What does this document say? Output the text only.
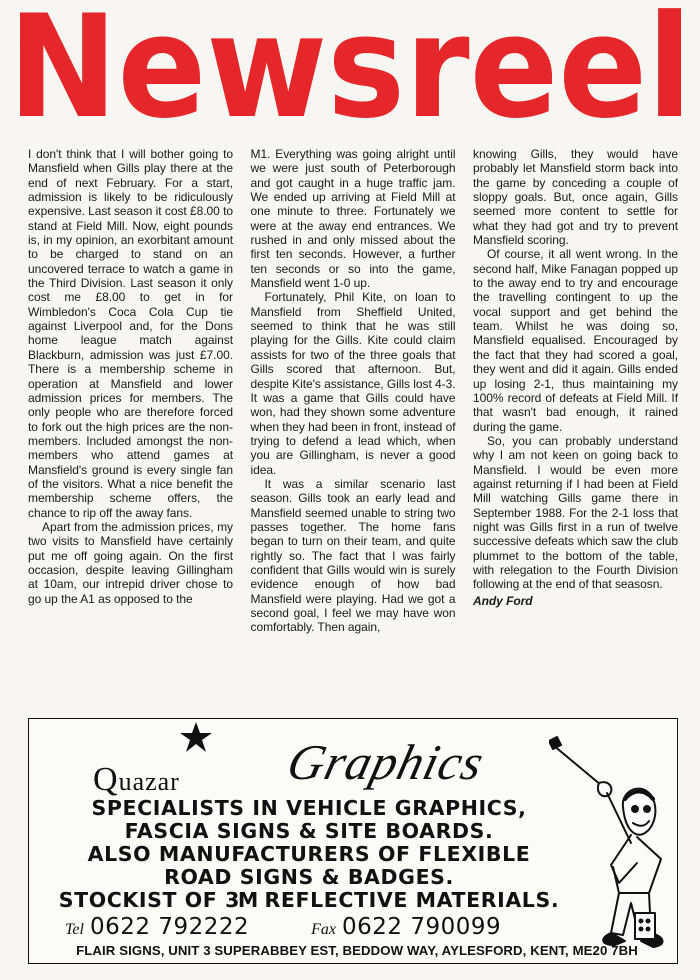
Newsreel

I don't think that I will bother going to Mansfield when Gills play there at the end of next February. For a start, admission is likely to be ridiculously expensive. Last season it cost £8.00 to stand at Field Mill. Now, eight pounds is, in my opinion, an exorbitant amount to be charged to stand on an uncovered terrace to watch a game in the Third Division. Last season it only cost me £8.00 to get in for Wimbledon's Coca Cola Cup tie against Liverpool and, for the Dons home league match against Blackburn, admission was just £7.00. There is a membership scheme in operation at Mansfield and lower admission prices for members. The only people who are therefore forced to fork out the high prices are the non-members. Included amongst the non-members who attend games at Mansfield's ground is every single fan of the visitors. What a nice benefit the membership scheme offers, the chance to rip off the away fans.

Apart from the admission prices, my two visits to Mansfield have certainly put me off going again. On the first occasion, despite leaving Gillingham at 10am, our intrepid driver chose to go up the A1 as opposed to the

M1. Everything was going alright until we were just south of Peterborough and got caught in a huge traffic jam. We ended up arriving at Field Mill at one minute to three. Fortunately we were at the away end entrances. We rushed in and only missed about the first ten seconds. However, a further ten seconds or so into the game, Mansfield went 1-0 up.

Fortunately, Phil Kite, on loan to Mansfield from Sheffield United, seemed to think that he was still playing for the Gills. Kite could claim assists for two of the three goals that Gills scored that afternoon. But, despite Kite's assistance, Gills lost 4-3. It was a game that Gills could have won, had they shown some adventure when they had been in front, instead of trying to defend a lead which, when you are Gillingham, is never a good idea.

It was a similar scenario last season. Gills took an early lead and Mansfield seemed unable to string two passes together. The home fans began to turn on their team, and quite rightly so. The fact that I was fairly confident that Gills would win is surely evidence enough of how bad Mansfield were playing. Had we got a second goal, I feel we may have won comfortably. Then again,

knowing Gills, they would have probably let Mansfield storm back into the game by conceding a couple of sloppy goals. But, once again, Gills seemed more content to settle for what they had got and try to prevent Mansfield scoring.

Of course, it all went wrong. In the second half, Mike Fanagan popped up to the away end to try and encourage the travelling contingent to up the vocal support and get behind the team. Whilst he was doing so, Mansfield equalised. Encouraged by the fact that they had scored a goal, they went and did it again. Gills ended up losing 2-1, thus maintaining my 100% record of defeats at Field Mill. If that wasn't bad enough, it rained during the game.

So, you can probably understand why I am not keen on going back to Mansfield. I would be even more against returning if I had been at Field Mill watching Gills game there in September 1988. For the 2-1 loss that night was Gills first in a run of twelve successive defeats which saw the club plummet to the bottom of the table, with relegation to the Fourth Division following at the end of that seasosn.

Andy Ford

Quazar Graphics
SPECIALISTS IN VEHICLE GRAPHICS,
FASCIA SIGNS & SITE BOARDS.
ALSO MANUFACTURERS OF FLEXIBLE
ROAD SIGNS & BADGES.
STOCKIST OF 3M REFLECTIVE MATERIALS.
Tel 0622 792222	Fax 0622 790099
FLAIR SIGNS, UNIT 3 SUPERABBEY EST, BEDDOW WAY, AYLESFORD, KENT, ME20 7BH
